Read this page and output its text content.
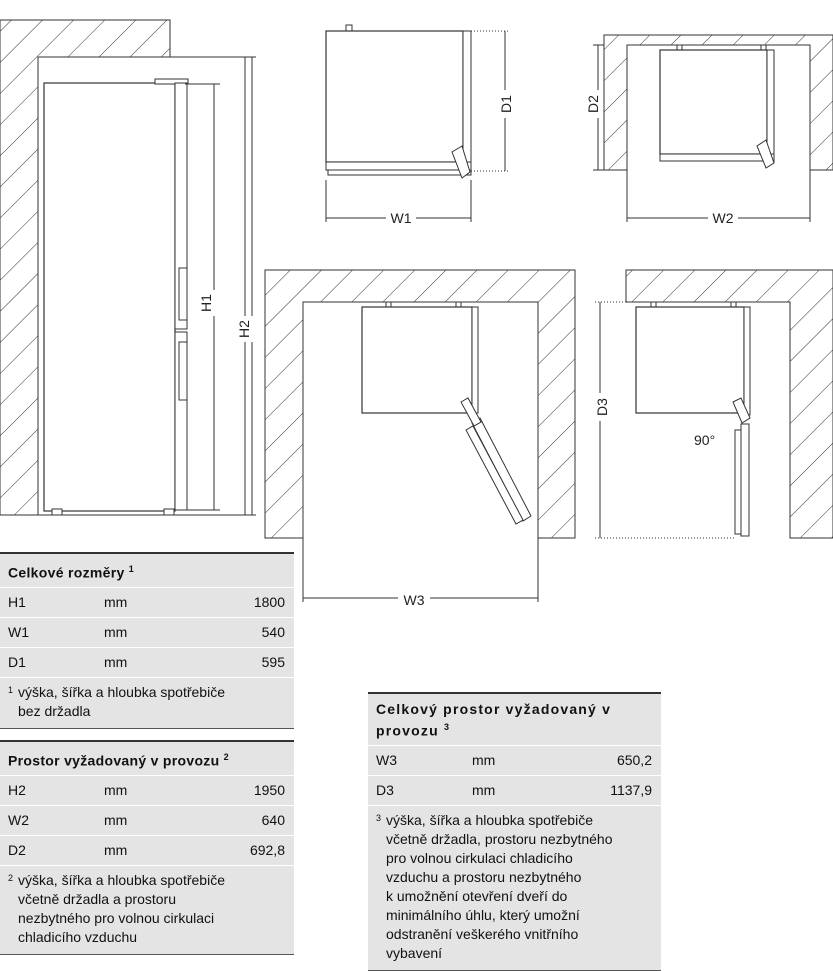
H1
H2
W1
D1
W2
D2
W3
D3
90°
Celkové rozměry $^1$
H1	mm	1800
W1	mm	540
D1	mm	595
1 výška, šířka a hloubka spotřebiče
bez držadla
Prostor vyžadovaný v provozu $^2$
H2	mm	1950
W2	mm	640
D2	mm	692,8
2 výška, šířka a hloubka spotřebiče
včetně držadla a prostoru
nezbytného pro volnou cirkulaci
chladicího vzduchu
Celkový prostor vyžadovaný v
provozu $^3$
W3	mm	650,2
D3	mm	1137,9
3 výška, šířka a hloubka spotřebiče
včetně držadla, prostoru nezbytného
pro volnou cirkulaci chladicího
vzduchu a prostoru nezbytného
k umožnění otevření dveří do
minimálního úhlu, který umožní
odstranění veškerého vnitřního
vybavení
